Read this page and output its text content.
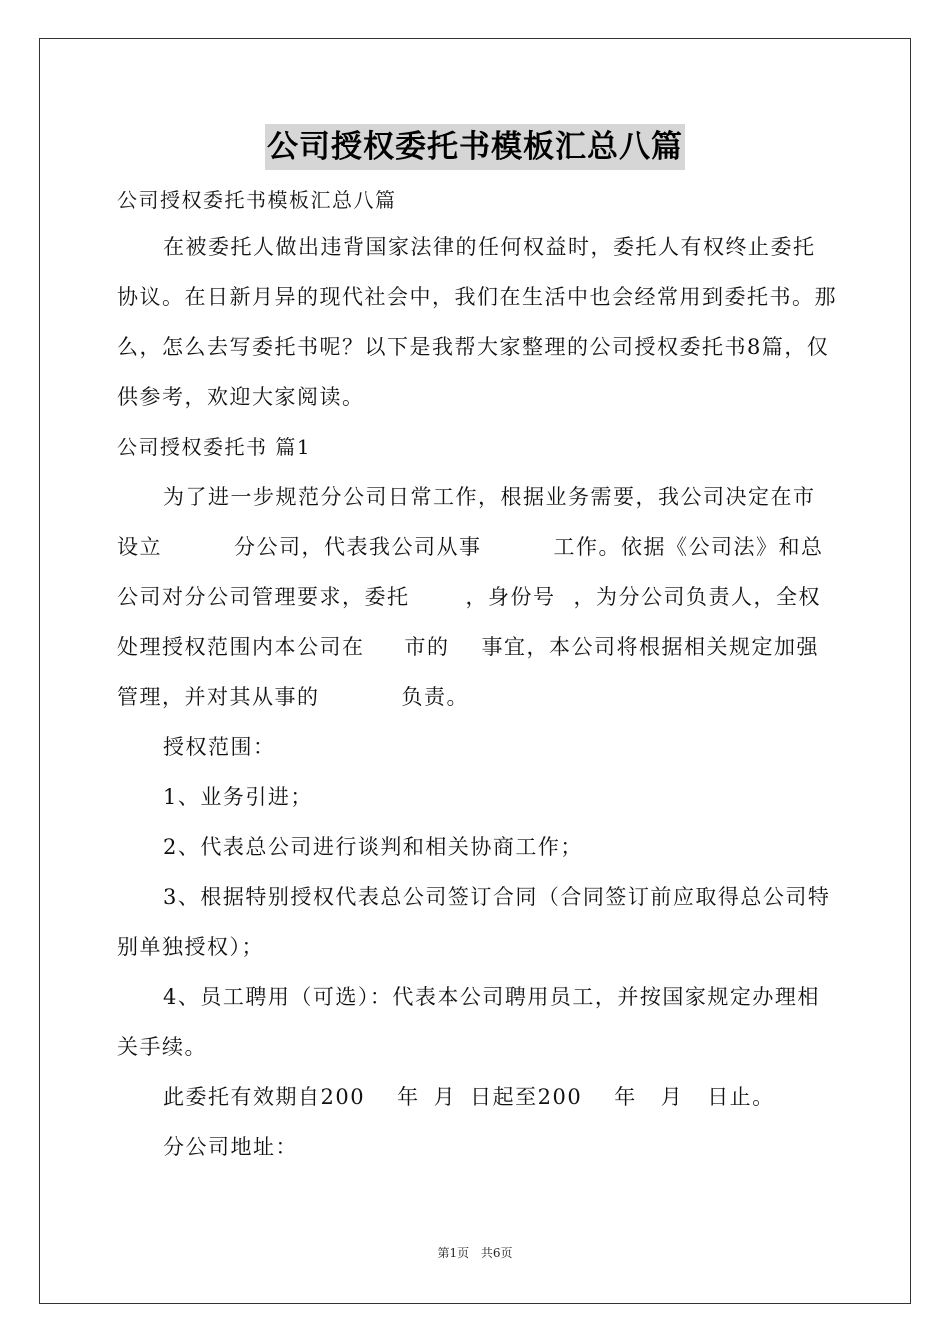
公司授权委托书模板汇总八篇

公司授权委托书模板汇总八篇

在被委托人做出违背国家法律的任何权益时，委托人有权终止委托协议。在日新月异的现代社会中，我们在生活中也会经常用到委托书。那么，怎么去写委托书呢？以下是我帮大家整理的公司授权委托书8篇，仅供参考，欢迎大家阅读。

公司授权委托书 篇1

为了进一步规范分公司日常工作，根据业务需要，我公司决定在市设立	分公司，代表我公司从事	工作。依据《公司法》和总公司对分公司管理要求，委托	，身份号 ，为分公司负责人，全权处理授权范围内本公司在 市的 事宜，本公司将根据相关规定加强管理，并对其从事的	负责。

授权范围：

1、业务引进；

2、代表总公司进行谈判和相关协商工作；

3、根据特别授权代表总公司签订合同（合同签订前应取得总公司特别单独授权）；

4、员工聘用（可选）：代表本公司聘用员工，并按国家规定办理相关手续。

此委托有效期自200 年 月 日起至200 年 月 日止。

分公司地址：

第1页 共6页
